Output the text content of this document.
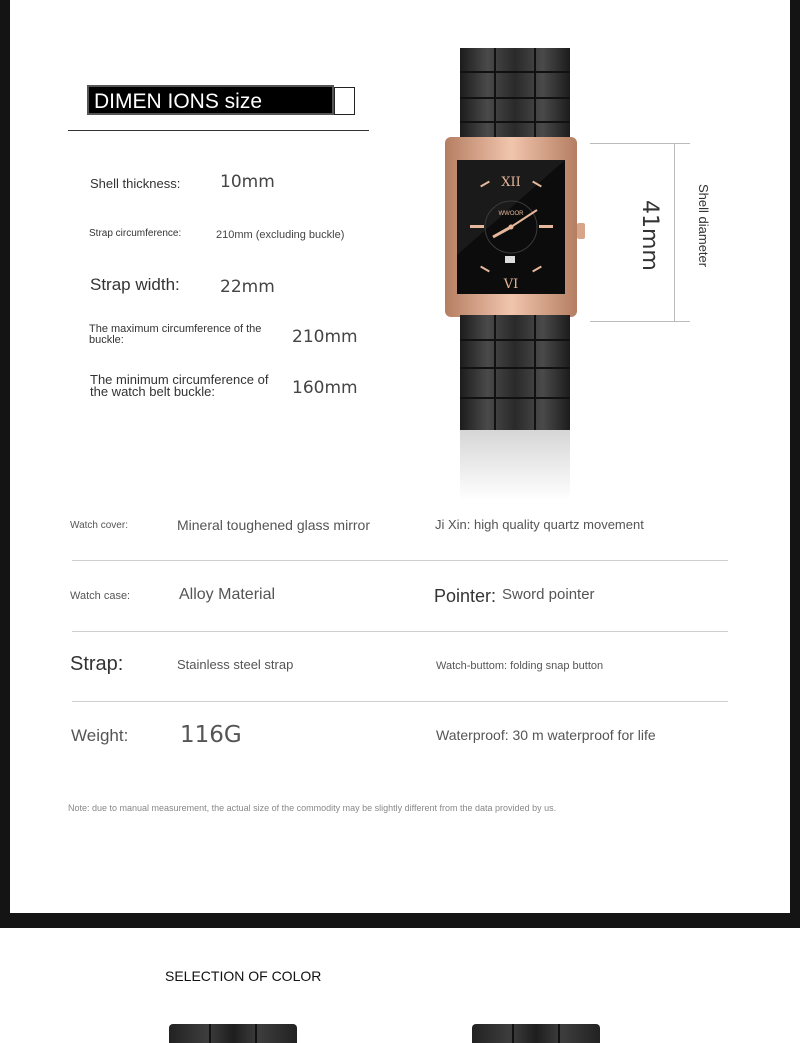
DIMEN IONS size
Shell thickness: 10mm
Strap circumference:	210mm (excluding buckle)
Strap width: 22mm
The maximum circumference of the buckle:	210mm
The minimum circumference of the watch belt buckle:	160mm
XII
VI
WWOOR	41mm	Shell diameter
Watch cover:	Mineral toughened glass mirror	Ji Xin: high quality quartz movement
Watch case:	Alloy Material	Pointer: Sword pointer
Strap:	Stainless steel strap	Watch-buttom: folding snap button
Weight: 116G	Waterproof: 30 m waterproof for life
Note: due to manual measurement, the actual size of the commodity may be slightly different from the data provided by us.
SELECTION OF COLOR
